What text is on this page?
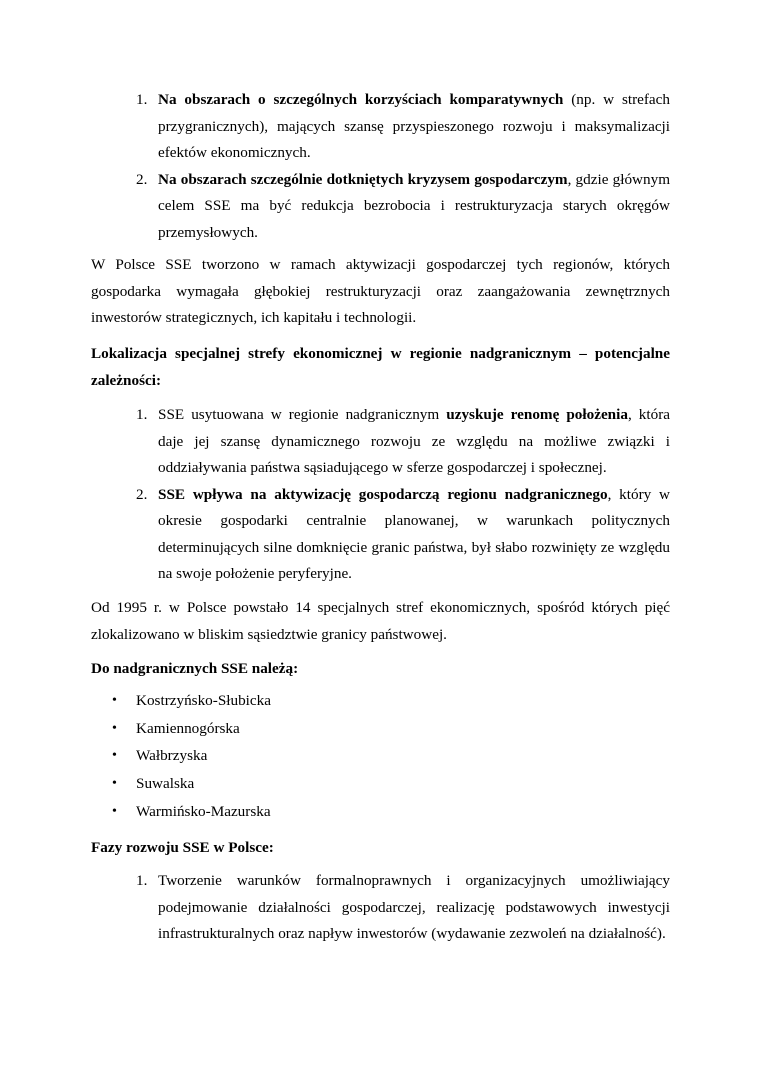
1. Na obszarach o szczególnych korzyściach komparatywnych (np. w strefach przygranicznych), mających szansę przyspieszonego rozwoju i maksymalizacji efektów ekonomicznych.
2. Na obszarach szczególnie dotkniętych kryzysem gospodarczym, gdzie głównym celem SSE ma być redukcja bezrobocia i restrukturyzacja starych okręgów przemysłowych.

W Polsce SSE tworzono w ramach aktywizacji gospodarczej tych regionów, których gospodarka wymagała głębokiej restrukturyzacji oraz zaangażowania zewnętrznych inwestorów strategicznych, ich kapitału i technologii.

Lokalizacja specjalnej strefy ekonomicznej w regionie nadgranicznym – potencjalne zależności:

1. SSE usytuowana w regionie nadgranicznym uzyskuje renomę położenia, która daje jej szansę dynamicznego rozwoju ze względu na możliwe związki i oddziaływania państwa sąsiadującego w sferze gospodarczej i społecznej.
2. SSE wpływa na aktywizację gospodarczą regionu nadgranicznego, który w okresie gospodarki centralnie planowanej, w warunkach politycznych determinujących silne domknięcie granic państwa, był słabo rozwinięty ze względu na swoje położenie peryferyjne.

Od 1995 r. w Polsce powstało 14 specjalnych stref ekonomicznych, spośród których pięć zlokalizowano w bliskim sąsiedztwie granicy państwowej.

Do nadgranicznych SSE należą:

• Kostrzyńsko-Słubicka
• Kamiennogórska
• Wałbrzyska
• Suwalska
• Warmińsko-Mazurska

Fazy rozwoju SSE w Polsce:

1. Tworzenie warunków formalnoprawnych i organizacyjnych umożliwiający podejmowanie działalności gospodarczej, realizację podstawowych inwestycji infrastrukturalnych oraz napływ inwestorów (wydawanie zezwoleń na działalność).
